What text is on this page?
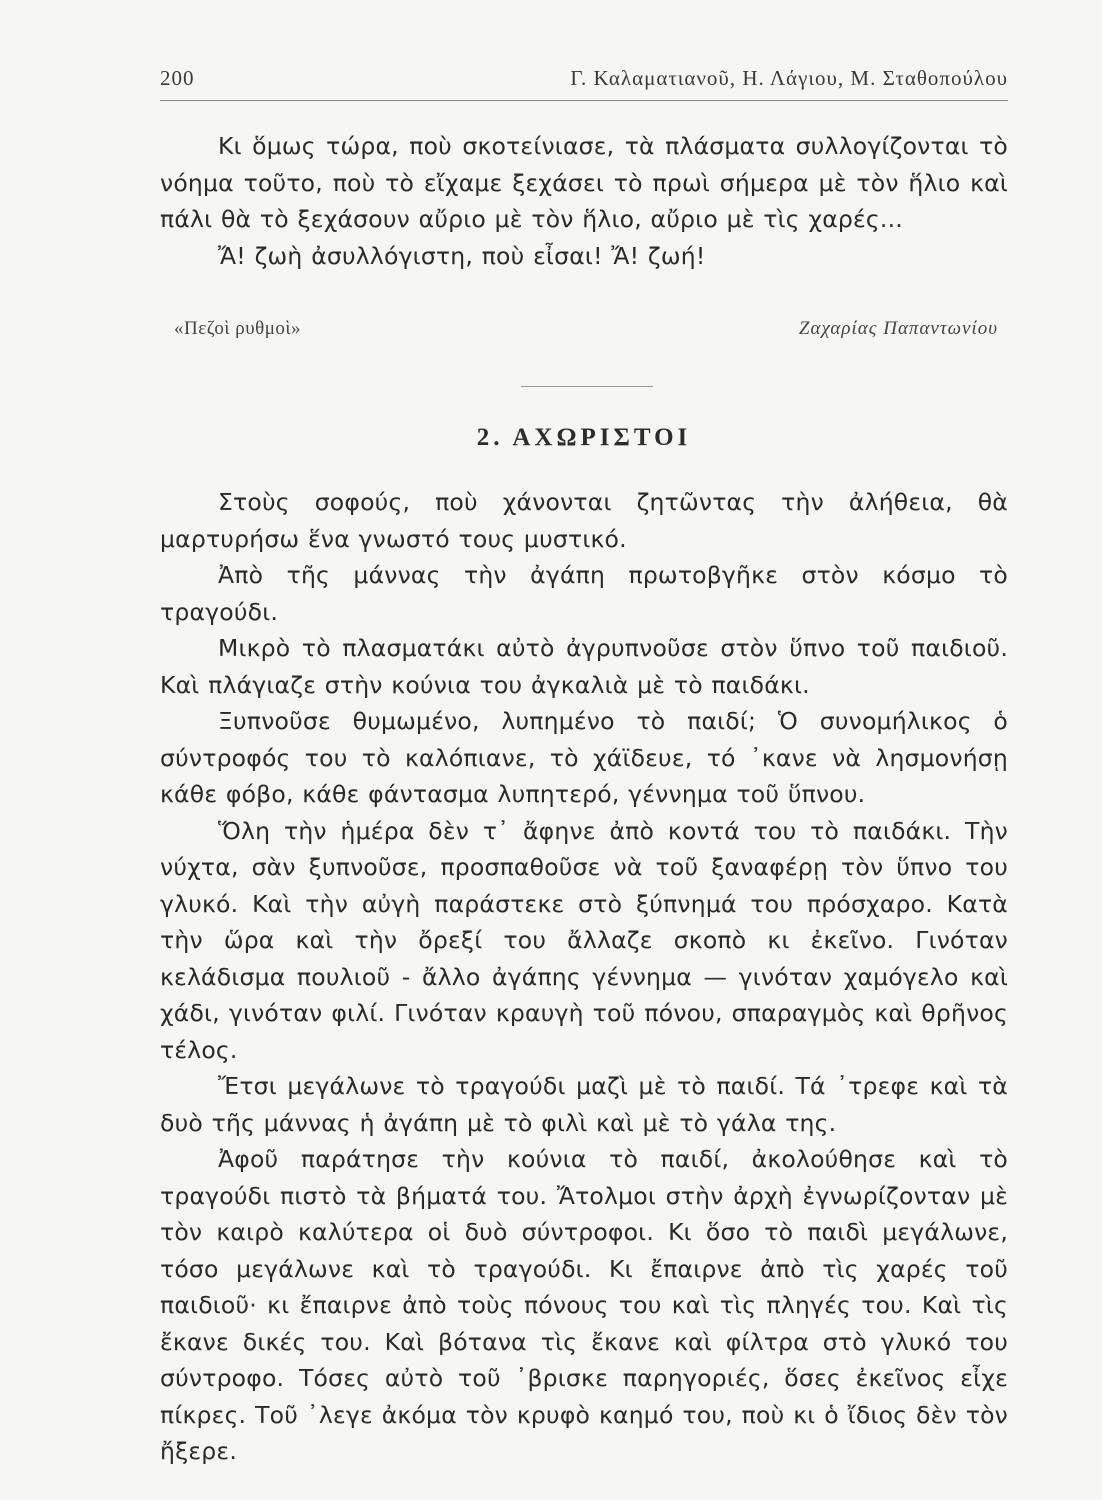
200	Γ. Καλαματιανοῦ, Η. Λάγιου, Μ. Σταθοπούλου

Κι ὅμως τώρα, ποὺ σκοτείνιασε, τὰ πλάσματα συλλογίζονται τὸ νόημα τοῦτο, ποὺ τὸ εἴχαμε ξεχάσει τὸ πρωὶ σήμερα μὲ τὸν ἥλιο καὶ πάλι θὰ τὸ ξεχάσουν αὔριο μὲ τὸν ἥλιο, αὔριο μὲ τὶς χαρές...

Ἄ! ζωὴ ἀσυλλόγιστη, ποὺ εἶσαι! Ἄ! ζωή!

«Πεζοὶ ρυθμοὶ»	Ζαχαρίας Παπαντωνίου
2. ΑΧΩΡΙΣΤΟΙ

Στοὺς σοφούς, ποὺ χάνονται ζητῶντας τὴν ἀλήθεια, θὰ μαρτυρήσω ἕνα γνωστό τους μυστικό.

Ἀπὸ τῆς μάννας τὴν ἀγάπη πρωτοβγῆκε στὸν κόσμο τὸ τραγούδι.

Μικρὸ τὸ πλασματάκι αὐτὸ ἀγρυπνοῦσε στὸν ὕπνο τοῦ παιδιοῦ. Καὶ πλάγιαζε στὴν κούνια του ἀγκαλιὰ μὲ τὸ παιδάκι.

Ξυπνοῦσε θυμωμένο, λυπημένο τὸ παιδί; Ὁ συνομήλικος ὁ σύντροφός του τὸ καλόπιανε, τὸ χάϊδευε, τό ᾿κανε νὰ λησμονήσῃ κάθε φόβο, κάθε φάντασμα λυπητερό, γέννημα τοῦ ὕπνου.

Ὅλη τὴν ἡμέρα δὲν τ᾿ ἄφηνε ἀπὸ κοντά του τὸ παιδάκι. Τὴν νύχτα, σὰν ξυπνοῦσε, προσπαθοῦσε νὰ τοῦ ξαναφέρῃ τὸν ὕπνο του γλυκό. Καὶ τὴν αὐγὴ παράστεκε στὸ ξύπνημά του πρόσχαρο. Κατὰ τὴν ὥρα καὶ τὴν ὄρεξί του ἄλλαζε σκοπὸ κι ἐκεῖνο. Γινόταν κελάδισμα πουλιοῦ - ἄλλο ἀγάπης γέννημα — γινόταν χαμόγελο καὶ χάδι, γινόταν φιλί. Γινόταν κραυγὴ τοῦ πόνου, σπαραγμὸς καὶ θρῆνος τέλος.

Ἔτσι μεγάλωνε τὸ τραγούδι μαζὶ μὲ τὸ παιδί. Τά ᾿τρεφε καὶ τὰ δυὸ τῆς μάννας ἡ ἀγάπη μὲ τὸ φιλὶ καὶ μὲ τὸ γάλα της.

Ἀφοῦ παράτησε τὴν κούνια τὸ παιδί, ἀκολούθησε καὶ τὸ τραγούδι πιστὸ τὰ βήματά του. Ἄτολμοι στὴν ἀρχὴ ἐγνωρίζονταν μὲ τὸν καιρὸ καλύτερα οἱ δυὸ σύντροφοι. Κι ὅσο τὸ παιδὶ μεγάλωνε, τόσο μεγάλωνε καὶ τὸ τραγούδι. Κι ἔπαιρνε ἀπὸ τὶς χαρές τοῦ παιδιοῦ· κι ἔπαιρνε ἀπὸ τοὺς πόνους του καὶ τὶς πληγές του. Καὶ τὶς ἔκανε δικές του. Καὶ βότανα τὶς ἔκανε καὶ φίλτρα στὸ γλυκό του σύντροφο. Τόσες αὐτὸ τοῦ ᾿βρισκε παρηγοριές, ὅσες ἐκεῖνος εἶχε πίκρες. Τοῦ ᾿λεγε ἀκόμα τὸν κρυφὸ καημό του, ποὺ κι ὁ ἴδιος δὲν τὸν ἤξερε.
